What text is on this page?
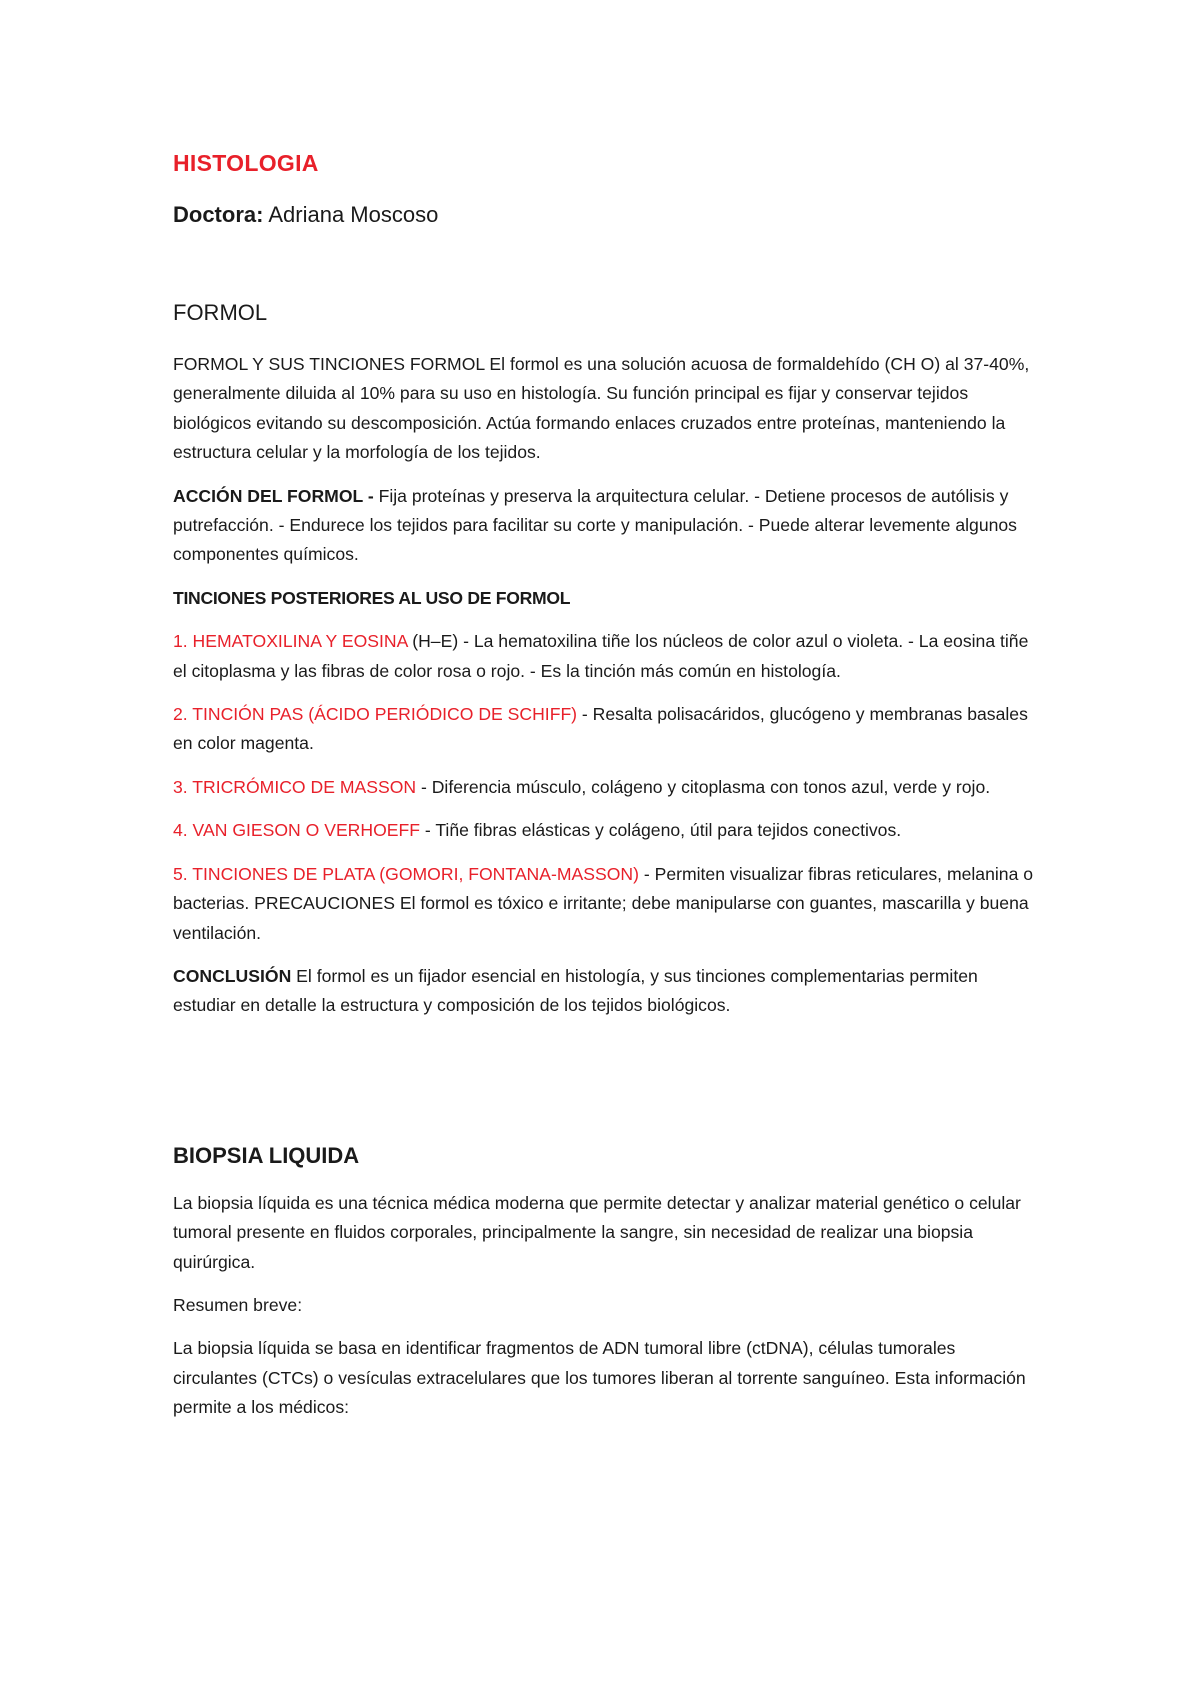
HISTOLOGIA
Doctora: Adriana Moscoso
FORMOL

FORMOL Y SUS TINCIONES FORMOL El formol es una solución acuosa de formaldehído (CH O) al 37-40%, generalmente diluida al 10% para su uso en histología. Su función principal es fijar y conservar tejidos biológicos evitando su descomposición. Actúa formando enlaces cruzados entre proteínas, manteniendo la estructura celular y la morfología de los tejidos.

ACCIÓN DEL FORMOL - Fija proteínas y preserva la arquitectura celular. - Detiene procesos de autólisis y putrefacción. - Endurece los tejidos para facilitar su corte y manipulación. - Puede alterar levemente algunos componentes químicos.

TINCIONES POSTERIORES AL USO DE FORMOL

1. HEMATOXILINA Y EOSINA (H–E) - La hematoxilina tiñe los núcleos de color azul o violeta. - La eosina tiñe el citoplasma y las fibras de color rosa o rojo. - Es la tinción más común en histología.

2. TINCIÓN PAS (ÁCIDO PERIÓDICO DE SCHIFF) - Resalta polisacáridos, glucógeno y membranas basales en color magenta.

3. TRICRÓMICO DE MASSON - Diferencia músculo, colágeno y citoplasma con tonos azul, verde y rojo.

4. VAN GIESON O VERHOEFF - Tiñe fibras elásticas y colágeno, útil para tejidos conectivos.

5. TINCIONES DE PLATA (GOMORI, FONTANA-MASSON) - Permiten visualizar fibras reticulares, melanina o bacterias. PRECAUCIONES El formol es tóxico e irritante; debe manipularse con guantes, mascarilla y buena ventilación.

CONCLUSIÓN El formol es un fijador esencial en histología, y sus tinciones complementarias permiten estudiar en detalle la estructura y composición de los tejidos biológicos.

BIOPSIA LIQUIDA

La biopsia líquida es una técnica médica moderna que permite detectar y analizar material genético o celular tumoral presente en fluidos corporales, principalmente la sangre, sin necesidad de realizar una biopsia quirúrgica.

Resumen breve:

La biopsia líquida se basa en identificar fragmentos de ADN tumoral libre (ctDNA), células tumorales circulantes (CTCs) o vesículas extracelulares que los tumores liberan al torrente sanguíneo. Esta información permite a los médicos:
